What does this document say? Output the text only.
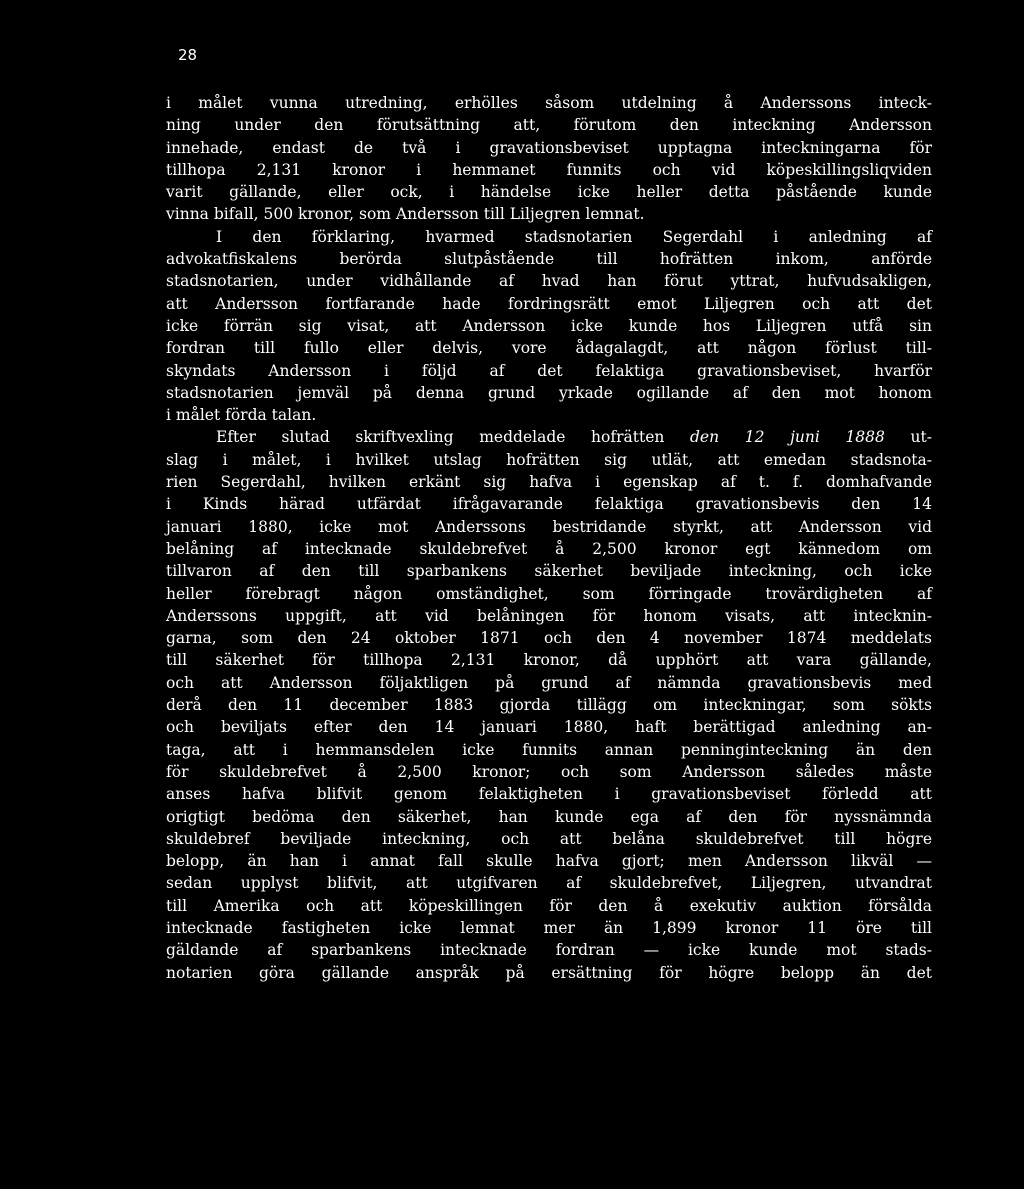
28
i målet vunna utredning, erhölles såsom utdelning å Anderssons inteck-
ning under den förutsättning att, förutom den inteckning Andersson
innehade, endast de två i gravationsbeviset upptagna inteckningarna för
tillhopa 2,131 kronor i hemmanet funnits och vid köpeskillingsliqviden
varit gällande, eller ock, i händelse icke heller detta påstående kunde
vinna bifall, 500 kronor, som Andersson till Liljegren lemnat.
I den förklaring, hvarmed stadsnotarien Segerdahl i anledning af
advokatfiskalens berörda slutpåstående till hofrätten inkom, anförde
stadsnotarien, under vidhållande af hvad han förut yttrat, hufvudsakligen,
att Andersson fortfarande hade fordringsrätt emot Liljegren och att det
icke förrän sig visat, att Andersson icke kunde hos Liljegren utfå sin
fordran till fullo eller delvis, vore ådagalagdt, att någon förlust till-
skyndats Andersson i följd af det felaktiga gravationsbeviset, hvarför
stadsnotarien jemväl på denna grund yrkade ogillande af den mot honom
i målet förda talan.
Efter slutad skriftvexling meddelade hofrätten den 12 juni 1888 ut-
slag i målet, i hvilket utslag hofrätten sig utlät, att emedan stadsnota-
rien Segerdahl, hvilken erkänt sig hafva i egenskap af t. f. domhafvande
i Kinds härad utfärdat ifrågavarande felaktiga gravationsbevis den 14
januari 1880, icke mot Anderssons bestridande styrkt, att Andersson vid
belåning af intecknade skuldebrefvet å 2,500 kronor egt kännedom om
tillvaron af den till sparbankens säkerhet beviljade inteckning, och icke
heller förebragt någon omständighet, som förringade trovärdigheten af
Anderssons uppgift, att vid belåningen för honom visats, att intecknin-
garna, som den 24 oktober 1871 och den 4 november 1874 meddelats
till säkerhet för tillhopa 2,131 kronor, då upphört att vara gällande,
och att Andersson följaktligen på grund af nämnda gravationsbevis med
derå den 11 december 1883 gjorda tillägg om inteckningar, som sökts
och beviljats efter den 14 januari 1880, haft berättigad anledning an-
taga, att i hemmansdelen icke funnits annan penninginteckning än den
för skuldebrefvet å 2,500 kronor; och som Andersson således måste
anses hafva blifvit genom felaktigheten i gravationsbeviset förledd att
origtigt bedöma den säkerhet, han kunde ega af den för nyssnämnda
skuldebref beviljade inteckning, och att belåna skuldebrefvet till högre
belopp, än han i annat fall skulle hafva gjort; men Andersson likväl —
sedan upplyst blifvit, att utgifvaren af skuldebrefvet, Liljegren, utvandrat
till Amerika och att köpeskillingen för den å exekutiv auktion försålda
intecknade fastigheten icke lemnat mer än 1,899 kronor 11 öre till
gäldande af sparbankens intecknade fordran — icke kunde mot stads-
notarien göra gällande anspråk på ersättning för högre belopp än det
